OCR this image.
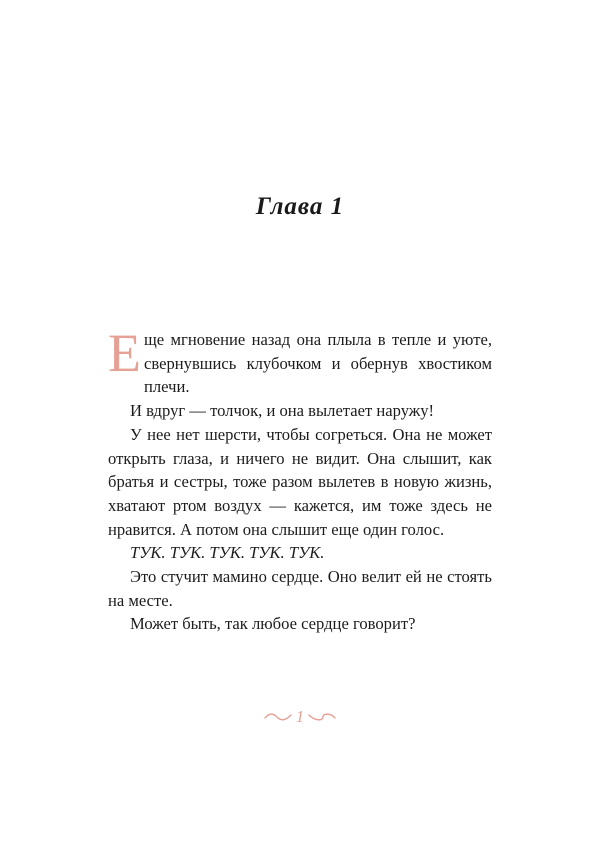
Глава 1

Еще мгновение назад она плыла в тепле и уюте, свернувшись клубочком и обернув хвостиком плечи.

И вдруг — толчок, и она вылетает наружу!

У нее нет шерсти, чтобы согреться. Она не может открыть глаза, и ничего не видит. Она слышит, как братья и сестры, тоже разом вылетев в новую жизнь, хватают ртом воздух — кажется, им тоже здесь не нравится. А потом она слышит еще один голос.

ТУК. ТУК. ТУК. ТУК. ТУК.

Это стучит мамино сердце. Оно велит ей не стоять на месте.

Может быть, так любое сердце говорит?

1
